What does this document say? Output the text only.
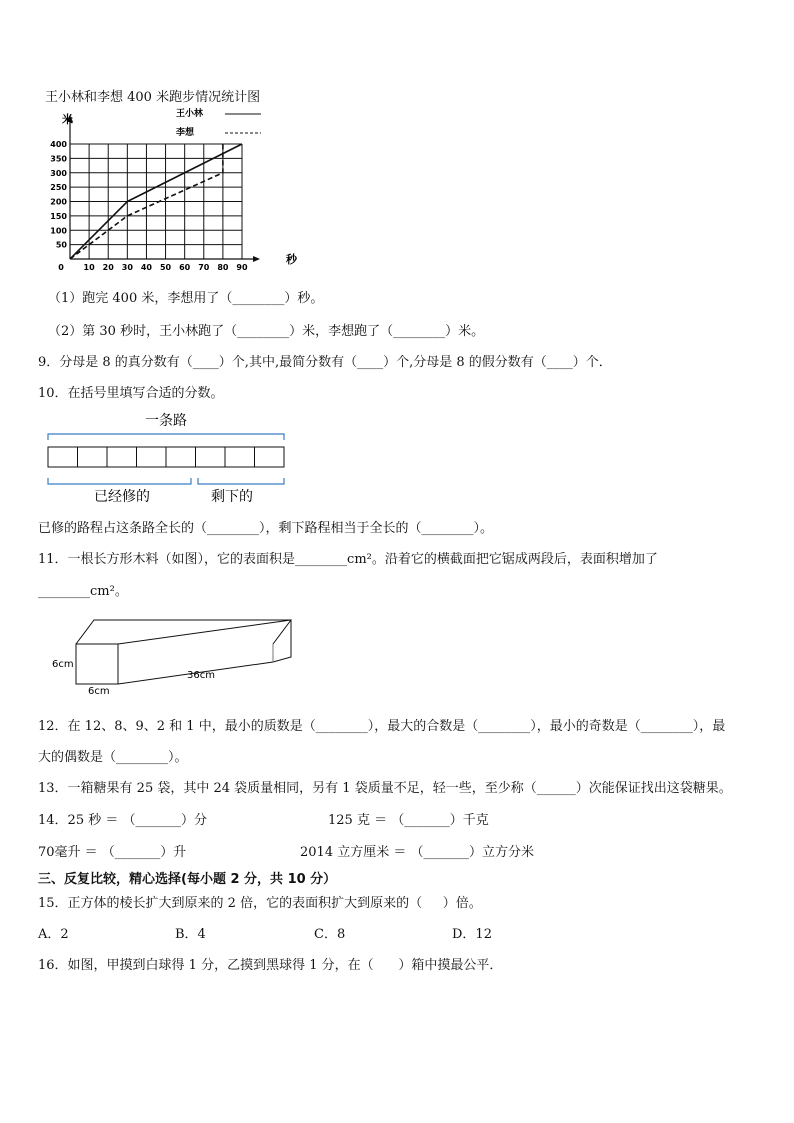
王小林和李想 400 米跑步情况统计图
0 10 20 30 40 50 60 70 80 90
50
100
150
200
250
300
350
400
王小林
李想
米
秒
（1）跑完 400 米，李想用了（________）秒。
（2）第 30 秒时，王小林跑了（________）米，李想跑了（________）米。
9．分母是 8 的真分数有（____）个,其中,最简分数有（____）个,分母是 8 的假分数有（____）个．
10．在括号里填写合适的分数。
一条路
已经修的	剩下的
已修的路程占这条路全长的（________），剩下路程相当于全长的（________）。
11．一根长方形木料（如图），它的表面积是________cm²。沿着它的横截面把它锯成两段后，表面积增加了
________cm²。
6cm
6cm
36cm
12．在 12、8、9、2 和 1 中，最小的质数是（________），最大的合数是（________），最小的奇数是（________），最
大的偶数是（________）。
13．一箱糖果有 25 袋，其中 24 袋质量相同，另有 1 袋质量不足，轻一些，至少称（______）次能保证找出这袋糖果。
14．25 秒 ＝ （_______）分	125 克 ＝ （_______）千克
70毫升 ＝ （_______）升	2014 立方厘米 ＝ （_______）立方分米
三、反复比较，精心选择(每小题 2 分，共 10 分）
15．正方体的棱长扩大到原来的 2 倍，它的表面积扩大到原来的（     ）倍。

A．2

	B．4

	C．8

	D．12

16．如图，甲摸到白球得 1 分，乙摸到黑球得 1 分，在（      ）箱中摸最公平．
